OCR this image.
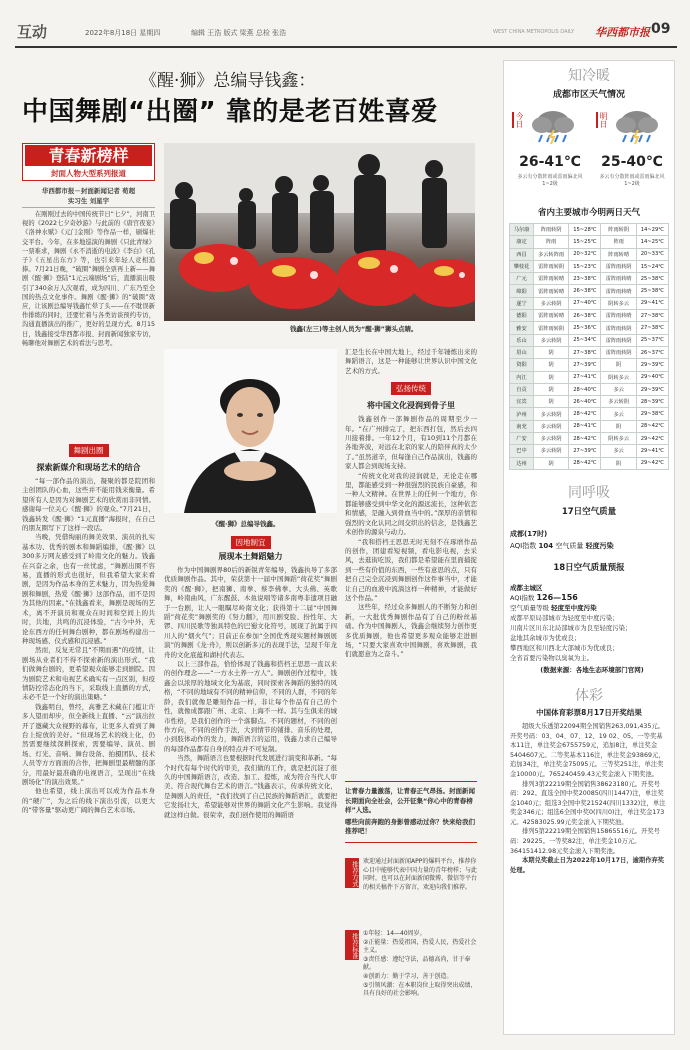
互动	2022年8月18日 星期四	编辑 王浩 版式 梁燕 总检 张浩	WEST CHINA METROPOLIS DAILY 华西都市报 09
《醒·狮》总编导钱鑫：
中国舞剧“出圈” 靠的是老百姓喜爱
青春新榜样
封面人物大型系列报道
华西都市报－封面新闻记者 荀超
实习生 刘星宇
钱鑫(左三)等主创人员为“醒·狮”狮头点睛。

在刚刚过去的中国传统节日“七夕”，河南卫视的《2022七夕奇妙游》与此前的《唐宫夜宴》《洛神水赋》《元门金刚》等作品一样，刷爆社交平台。今年，在多地巡演的舞剧《只此青绿》一票难求，舞剧《永不消逝的电波》《李白》《孔子》《五星出东方》等，也引来年轻人竞相追捧。7月21日晚，“破圈”舞剧全票再上新——舞剧《醒·狮》登陆“1元云端剧场”后，直播演出吸引了340余万人次观看，成为四川、广东乃至全国的热点文化事件。舞剧《醒·狮》的“破圈”效应，让该剧总编导钱鑫忙晕了头——在不耽误新作排练的同时，还要忙着与各类访谈预约专访，沟通直播演出的推广，更好的呈现方式。8月15日，钱鑫接受华西都市报、封面新闻独家专访，畅聊他对舞剧艺术的看法与思考。

舞剧出圈
探索新媒介和现场艺术的结合

“每一部作品的演出，凝聚的都是院团和主创团队的心血，这些并不能用钱来衡量。希望所有人是因为对舞剧艺术的欣赏而非同情。感谢每一位关心《醒·狮》的观众。”7月21日，钱鑫转发《醒·狮》“1元直播”海报时，在自己的朋友圈写下了这样一段话。

当晚，凭借绚丽的舞美效果、演员的扎实基本功、优秀的剧本和舞蹈编排，《醒·狮》以300多万网友感受到了岭南文化的魅力。钱鑫在兴奋之余，也有一丝忧虑，“舞剧出圈不容易，直播的形式也很好，但我希望大家来看剧，是因为作品本身的艺术魅力，因为热爱舞剧和舞剧，热爱《醒·狮》这部作品，而不是因为其他的因素。”在钱鑫看来，舞剧是现场的艺术，离不开演员和观众在时间和空间上的共时，共地，共鸣的沉浸体验，“古今中外，无论东西方的任何舞台剧种，都在剧场构建出一种现场感、仪式感和沉浸感。”

然而，反复无常且“不期而遇”的疫情，让剧场从业者们不得不探索新的演出形式。“我们做舞台剧的，更希望观众能够走到剧院。因为剧院艺术和电视艺术确实有一点区别，但疫情防控常态化的当下，采取线上直播的方式，未必不是一个好的演出策略。”

钱鑫明白，曾经，高雅艺术藏在门槛让许多人望而却步，但全新线上直播、“云”演出拉开了邀藏大众视野的幕布，让更多人看到了舞台上绽放的美好。“但现场艺术的线上化，仍然需要继续深耕探索，需要编导、演员、剧场、灯光、音响、舞台设备、拍摄团队、技术人员等方方面面的合作，把舞剧里最精髓的部分，用最好最准确的电视语言，呈现出“在线剧场化”的演出效果。”

他也希望，线上演出可以成为作品本身的“硬广”，为之后的线下演出引流，以更大的“带客量”驱动更广阔的舞台艺术市场。

《醒·狮》总编导钱鑫。
因地制宜
展现本土舞蹈魅力

作为中国舞剧界80后的新锐青年编导，钱鑫执导了多部优质舞剧作品。其中，荣获第十一届中国舞蹈“荷花奖”舞剧奖的《醒·狮》，把南狮、南拳、蔡李佛拳、大头佛、英歌舞，岭南曲风，广东醒鼓、木鱼说唱等诸多南粤非遗项目融于一台剧，让人一眼瞩尽岭南文化；获得第十二届“中国舞蹈”荷花奖”舞剧奖的《努力翻》，用川剧变脸、扮性年、大锣、四川民歌等独具特色的巴蜀文化符号，展现了抗属于四川人的“烟火气”；目前正在参加“全国优秀现实题材舞剧展演”的舞剧《龙·舟》，则以创新多元的表现手法，呈现千年龙舟的文化底蕴和湖村代表志。

以上三部作品，恰恰体现了钱鑫和搭档王思思一直以来的创作理念——“一方水土养一方人”。舞剧创作过程中，钱鑫会以浓厚的地域文化为基底，同时探索各舞蹈的独特的风格，“不同的地域有不同的精神信仰，不同的人群，不同的年龄，我们就像是雕刻作品一样，非让每个作品有自己的个性，就像成都跟广州、北京、上海不一样。其与生俱来的城市性格，是我们创作的一个落脚点。不同的题材，不同的创作方向，不同的创作手法，大到情节的铺排、音乐的处理，小到肢体动作的发力，舞蹈语言的运用，钱鑫力求自己编导的每部作品都有自身的特点并不可复制。

当然，舞蹈语言也要根据时代发展进行演变和革新。“每个时代有每个时代的审美，我们做的工作，就是把沉淀了很久的中国舞蹈语言，改造、加工、提炼，成为符合当代人审美、符合现代舞台艺术的语言。”钱鑫表示，传承传统文化，是舞剧人的责任，“我们找到了自己民族的舞蹈语汇，就要把它发扬壮大，希望能够对世界的舞蹈文化产生影响。我觉得就这样白做。很荣幸，我们创作使用的舞蹈语

汇是生长在中国大地上，经过千年锤炼出来的舞蹈语言，这是一种能够让世界认识中国文化艺术的方式。

弘扬传统
将中国文化浸润到骨子里

钱鑫创作一部舞剧作品的周期至少一年。“在广州排完了，把东西打包，然后去四川接着排。一年12个月，有10到11个月都在各地奔波，对远在北京的家人的陪伴真的太少了。”虽然道辛，但每逢自己作品演出，钱鑫的家人都会到现场支持。

“传统文化对我的浸润就是，无论走在哪里，都能感受到一种很强烈的民族自豪感，和一种人文精神。在世界上的任何一个地方，你都能够感受到中华文化的源远流长，这种依恋和情感，是融入到骨血当中的。”深厚的亲情和强烈的文化认同之间交织出的信念，是钱鑫艺术创作的源泉与动力。

“我和搭档王思思无时无刻不在琢磨作品的创作，团建看短视频，看电影电视，去采风，去逛街吃饭，我们都是希望能在里面捕捉到一些有价值的东西，一些有意思的点，只有把自己完全沉浸到舞剧创作这件事当中，才能让自己的血液中流淌这样一种精神，才能做好这个作品。”

这些年，经过众多舞剧人的不断努力和创新，一大批优秀舞剧作品有了自己的粉丝基础。作为中国舞剧人，钱鑫会继续努力创作更多优质舞剧，他也希望更多观众能够走进剧场，“只要大家喜欢中国舞剧，喜欢舞剧，我们就愿意为之奋斗。”

让青春力量激荡，让青春正气昂扬。封面新闻长期面向全社会，公开征集“你心中的青春榜样”人选。
哪些向前奔跑的身影曾感动过你？快来给我们推荐吧！
推荐方式 欢迎通过封面新闻APP的爆料平台，推荐你心目中能够代表中国力量的青年榜样；与此同时，也可以在封面新闻微博、微信等平台的相关稿件下方留言，欢迎向我们推荐。
推荐标准 ①年轻：14—40周岁。
②正能量：热爱祖国，热爱人民，热爱社会主义。
③责任感：遵纪守法，品德高尚，甘于奉献。
④创新力：勤于学习，善于创造。
⑤引领风潮：在本职岗位上取得突出成绩，具有良好的社会影响。
知冷暖
成都市区天气情况
今日
26-41℃
多云有分散阵雨或雷雨偏北风1~2级
明日
25-40℃
多云有分散阵雨或雷雨偏北风1~2级
省内主要城市今明两日天气
马尔康	阵雨转阴	15~28℃	阵雨转阴	14~29℃
康定	阵雨	15~25℃	阵雨	14~25℃
西昌	多云转阵雨	20~32℃	阵雨转晴	20~33℃
攀枝花	雷阵雨转阴	15~23℃	雷阵雨转阴	15~24℃
广元	雷阵雨转晴	23~38℃	雷阵雨转晴	25~38℃
绵阳	雷阵雨转晴	26~38℃	雷阵雨转晴	25~38℃
遂宁	多云转阴	27~40℃	阴转多云	29~41℃
德阳	雷阵雨转晴	26~38℃	雷阵雨转晴	27~38℃
雅安	雷阵雨转阴	25~36℃	雷阵雨转阴	27~38℃
乐山	多云转阴	25~34℃	雷阵雨转阴	25~37℃
眉山	阴	27~38℃	雷阵雨转阴	26~37℃
资阳	阴	27~39℃	阴	29~39℃
内江	阴	27~41℃	阴转多云	29~40℃
自贡	阴	28~40℃	多云	29~39℃
宜宾	阴	26~40℃	多云转阴	28~39℃
泸州	多云转阴	28~42℃	多云	29~38℃
南充	多云转阴	28~41℃	阴	28~42℃
广安	多云转阴	28~42℃	阴转多云	29~42℃
巴中	多云转阴	27~39℃	多云	29~41℃
达州	阴	28~42℃	阴	29~42℃
同呼吸
17日空气质量
成都(17时)
AQI指数 104 空气质量 轻度污染
18日空气质量预报
成都主城区
AQI指数 126—156
空气质量等级 轻度至中度污染
成都平原局部城市为轻度至中度污染；
川南片区川东北局部城市为良至轻度污染；
盆地其余城市为优或良；
攀西地区和川西北大部城市为优或良；
全省首要污染物以臭氧为主。
(数据来源：各地生态环境部门官网)
体彩
中国体育彩票8月17日开奖结果

超级大乐透第22094期全国销售263,091,435元。开奖号码：03、04、07、12、19 02、05。一等奖基本11注，单注奖金6755759元，追加8注，单注奖金5404607元。二等奖基本116注，单注奖金93869元，追加34注，单注奖金75095元。三等奖251注，单注奖金10000元。765240459.43元奖金滚入下期奖池。

排列3第22219期全国销售38623180元。开奖号码：292。直选全国中奖20085(四川1447)注，单注奖金1040元；组选3全国中奖21524(四川1332)注，单注奖金346元；组选6全国中奖0(四川0)注，单注奖金173元。42583025.99元奖金滚入下期奖池。

排列5第22219期全国销售15865516元。开奖号码：29225。一等奖82注，单注奖金10万元。364151412.98元奖金滚入下期奖池。

本期兑奖截止日为2022年10月17日，逾期作弃奖处理。
